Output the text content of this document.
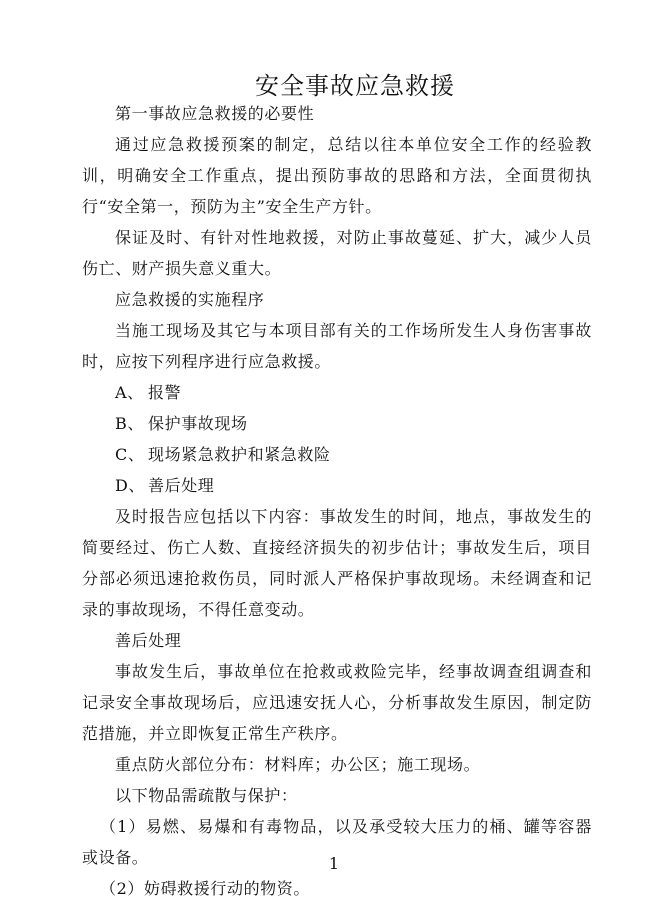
安全事故应急救援

第一事故应急救援的必要性

通过应急救援预案的制定，总结以往本单位安全工作的经验教训，明确安全工作重点，提出预防事故的思路和方法，全面贯彻执行“安全第一，预防为主”安全生产方针。

保证及时、有针对性地救援，对防止事故蔓延、扩大，减少人员伤亡、财产损失意义重大。

应急救援的实施程序

当施工现场及其它与本项目部有关的工作场所发生人身伤害事故时，应按下列程序进行应急救援。

A、 报警

B、 保护事故现场

C、 现场紧急救护和紧急救险

D、 善后处理

及时报告应包括以下内容：事故发生的时间，地点，事故发生的简要经过、伤亡人数、直接经济损失的初步估计；事故发生后，项目分部必须迅速抢救伤员，同时派人严格保护事故现场。未经调查和记录的事故现场，不得任意变动。

善后处理

事故发生后，事故单位在抢救或救险完毕，经事故调查组调查和记录安全事故现场后，应迅速安抚人心，分析事故发生原因，制定防范措施，并立即恢复正常生产秩序。

重点防火部位分布：材料库；办公区；施工现场。

以下物品需疏散与保护：

（1）易燃、易爆和有毒物品，以及承受较大压力的桶、罐等容器或设备。

（2）妨碍救援行动的物资。

1
